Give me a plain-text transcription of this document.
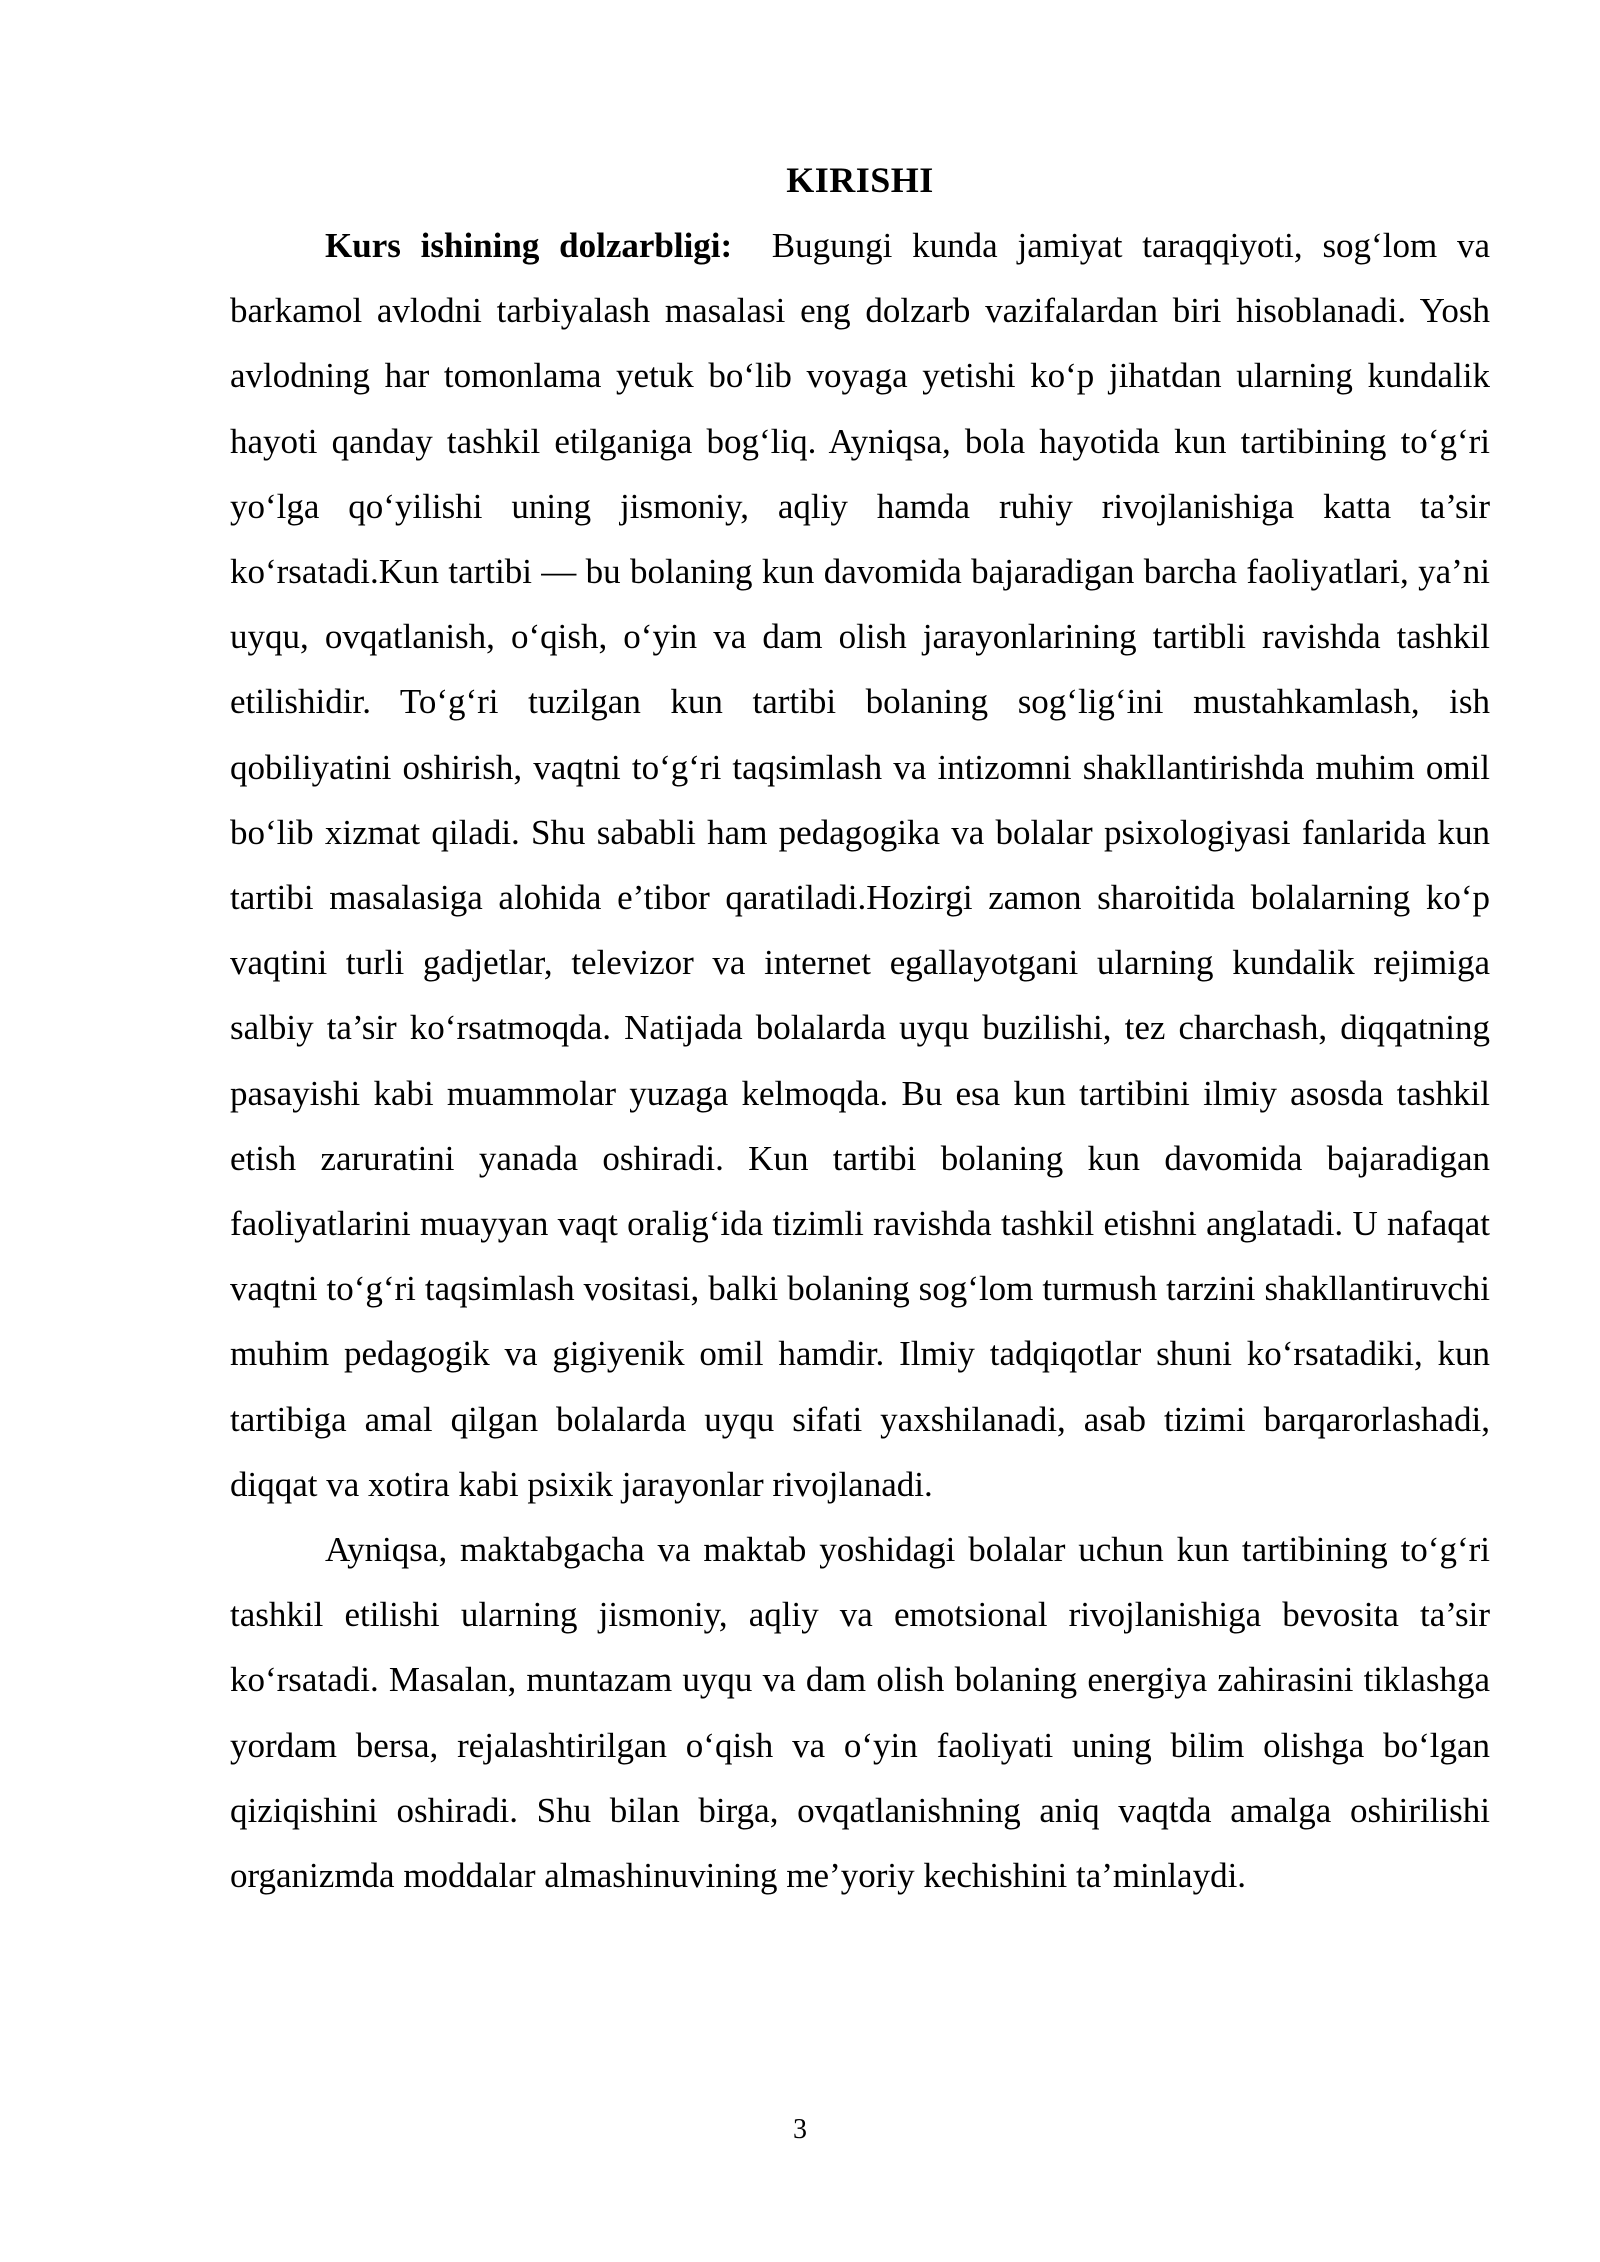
KIRISHI

Kurs ishining dolzarbligi: Bugungi kunda jamiyat taraqqiyoti, sog‘lom va barkamol avlodni tarbiyalash masalasi eng dolzarb vazifalardan biri hisoblanadi. Yosh avlodning har tomonlama yetuk bo‘lib voyaga yetishi ko‘p jihatdan ularning kundalik hayoti qanday tashkil etilganiga bog‘liq. Ayniqsa, bola hayotida kun tartibining to‘g‘ri yo‘lga qo‘yilishi uning jismoniy, aqliy hamda ruhiy rivojlanishiga katta ta’sir ko‘rsatadi.Kun tartibi — bu bolaning kun davomida bajaradigan barcha faoliyatlari, ya’ni uyqu, ovqatlanish, o‘qish, o‘yin va dam olish jarayonlarining tartibli ravishda tashkil etilishidir. To‘g‘ri tuzilgan kun tartibi bolaning sog‘lig‘ini mustahkamlash, ish qobiliyatini oshirish, vaqtni to‘g‘ri taqsimlash va intizomni shakllantirishda muhim omil bo‘lib xizmat qiladi. Shu sababli ham pedagogika va bolalar psixologiyasi fanlarida kun tartibi masalasiga alohida e’tibor qaratiladi.Hozirgi zamon sharoitida bolalarning ko‘p vaqtini turli gadjetlar, televizor va internet egallayotgani ularning kundalik rejimiga salbiy ta’sir ko‘rsatmoqda. Natijada bolalarda uyqu buzilishi, tez charchash, diqqatning pasayishi kabi muammolar yuzaga kelmoqda. Bu esa kun tartibini ilmiy asosda tashkil etish zaruratini yanada oshiradi. Kun tartibi bolaning kun davomida bajaradigan faoliyatlarini muayyan vaqt oralig‘ida tizimli ravishda tashkil etishni anglatadi. U nafaqat vaqtni to‘g‘ri taqsimlash vositasi, balki bolaning sog‘lom turmush tarzini shakllantiruvchi muhim pedagogik va gigiyenik omil hamdir. Ilmiy tadqiqotlar shuni ko‘rsatadiki, kun tartibiga amal qilgan bolalarda uyqu sifati yaxshilanadi, asab tizimi barqarorlashadi, diqqat va xotira kabi psixik jarayonlar rivojlanadi.

Ayniqsa, maktabgacha va maktab yoshidagi bolalar uchun kun tartibining to‘g‘ri tashkil etilishi ularning jismoniy, aqliy va emotsional rivojlanishiga bevosita ta’sir ko‘rsatadi. Masalan, muntazam uyqu va dam olish bolaning energiya zahirasini tiklashga yordam bersa, rejalashtirilgan o‘qish va o‘yin faoliyati uning bilim olishga bo‘lgan qiziqishini oshiradi. Shu bilan birga, ovqatlanishning aniq vaqtda amalga oshirilishi organizmda moddalar almashinuvining me’yoriy kechishini ta’minlaydi.

3
